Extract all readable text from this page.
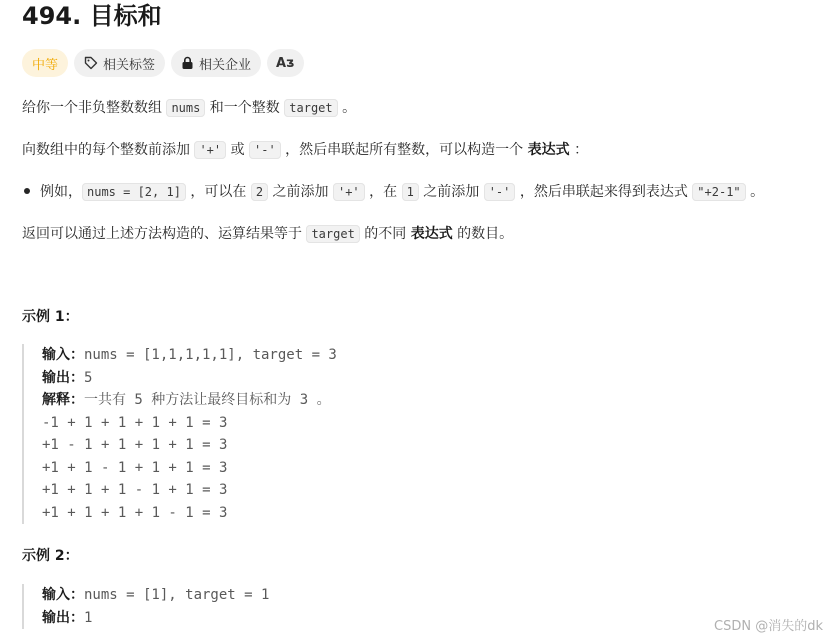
494. 目标和
中等	相关标签	相关企业	Aᴣ

给你一个非负整数数组 nums 和一个整数 target 。

向数组中的每个整数前添加 '+' 或 '-' ，然后串联起所有整数，可以构造一个 表达式 ：

例如， nums = [2, 1] ，可以在 2 之前添加 '+' ，在 1 之前添加 '-' ，然后串联起来得到表达式 "+2-1" 。

返回可以通过上述方法构造的、运算结果等于 target 的不同 表达式 的数目。

示例 1：
输入：nums = [1,1,1,1,1], target = 3
输出：5
解释：一共有 5 种方法让最终目标和为 3 。
-1 + 1 + 1 + 1 + 1 = 3
+1 - 1 + 1 + 1 + 1 = 3
+1 + 1 - 1 + 1 + 1 = 3
+1 + 1 + 1 - 1 + 1 = 3
+1 + 1 + 1 + 1 - 1 = 3
示例 2：
输入：nums = [1], target = 1
输出：1
CSDN @消失的dk
